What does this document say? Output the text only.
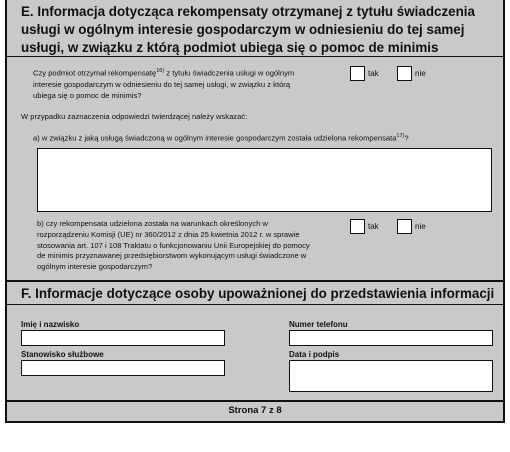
E. Informacja dotycząca rekompensaty otrzymanej z tytułu świadczenia usługi w ogólnym interesie gospodarczym w odniesieniu do tej samej usługi, w związku z którą podmiot ubiega się o pomoc de minimis
Czy podmiot otrzymał rekompensatę$^{16)}$ z tytułu świadczenia usługi w ogólnym interesie gospodarczym w odniesieniu do tej samej usługi, w związku z którą ubiega się o pomoc de minimis?
tak	nie
W przypadku zaznaczenia odpowiedzi twierdzącej należy wskazać:
a) w związku z jaką usługą świadczoną w ogólnym interesie gospodarczym została udzielona rekompensata$^{17)}$?
b) czy rekompensata udzielona została na warunkach określonych w rozporządzeniu Komisji (UE) nr 360/2012 z dnia 25 kwietnia 2012 r. w sprawie stosowania art. 107 i 108 Traktatu o funkcjonowaniu Unii Europejskiej do pomocy de minimis przyznawanej przedsiębiorstwom wykonującym usługi świadczone w ogólnym interesie gospodarczym?
tak	nie
F. Informacje dotyczące osoby upoważnionej do przedstawienia informacji
Imię i nazwisko	Numer telefonu
Stanowisko służbowe	Data i podpis
Strona 7 z 8
